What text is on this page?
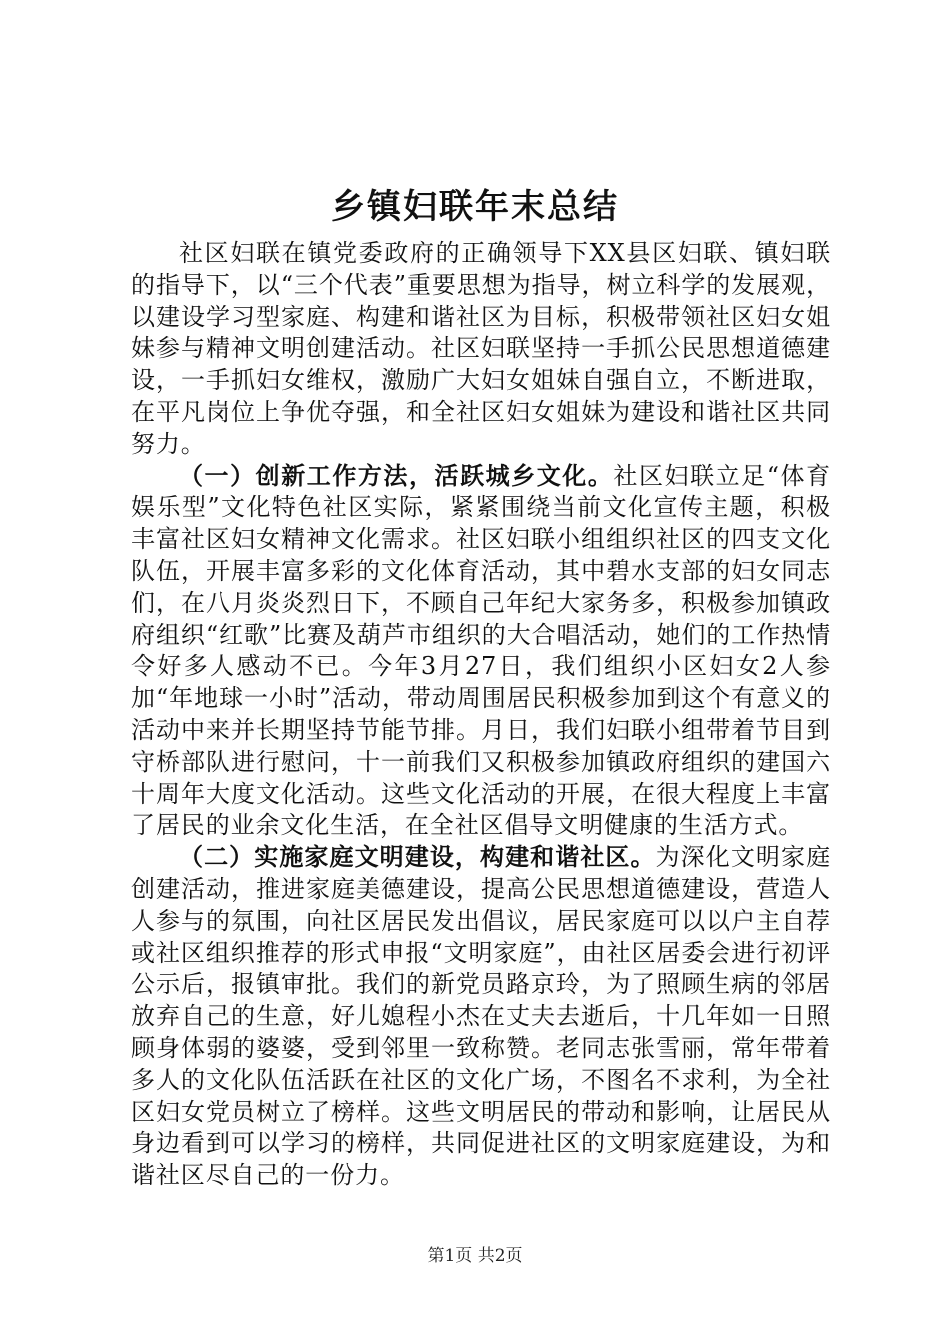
乡镇妇联年末总结

社区妇联在镇党委政府的正确领导下XX县区妇联、镇妇联的指导下，以“三个代表”重要思想为指导，树立科学的发展观，以建设学习型家庭、构建和谐社区为目标，积极带领社区妇女姐妹参与精神文明创建活动。社区妇联坚持一手抓公民思想道德建设，一手抓妇女维权，激励广大妇女姐妹自强自立，不断进取，在平凡岗位上争优夺强，和全社区妇女姐妹为建设和谐社区共同努力。

（一）创新工作方法，活跃城乡文化。社区妇联立足“体育娱乐型”文化特色社区实际，紧紧围绕当前文化宣传主题，积极丰富社区妇女精神文化需求。社区妇联小组组织社区的四支文化队伍，开展丰富多彩的文化体育活动，其中碧水支部的妇女同志们，在八月炎炎烈日下，不顾自己年纪大家务多，积极参加镇政府组织“红歌”比赛及葫芦市组织的大合唱活动，她们的工作热情令好多人感动不已。今年3月27日，我们组织小区妇女2人参加“年地球一小时”活动，带动周围居民积极参加到这个有意义的活动中来并长期坚持节能节排。月日，我们妇联小组带着节目到守桥部队进行慰问，十一前我们又积极参加镇政府组织的建国六十周年大度文化活动。这些文化活动的开展，在很大程度上丰富了居民的业余文化生活，在全社区倡导文明健康的生活方式。

（二）实施家庭文明建设，构建和谐社区。为深化文明家庭创建活动，推进家庭美德建设，提高公民思想道德建设，营造人人参与的氛围，向社区居民发出倡议，居民家庭可以以户主自荐或社区组织推荐的形式申报“文明家庭”，由社区居委会进行初评公示后，报镇审批。我们的新党员路京玲，为了照顾生病的邻居放弃自己的生意，好儿媳程小杰在丈夫去逝后，十几年如一日照顾身体弱的婆婆，受到邻里一致称赞。老同志张雪丽，常年带着多人的文化队伍活跃在社区的文化广场，不图名不求利，为全社区妇女党员树立了榜样。这些文明居民的带动和影响，让居民从身边看到可以学习的榜样，共同促进社区的文明家庭建设，为和谐社区尽自己的一份力。

第1页 共2页
